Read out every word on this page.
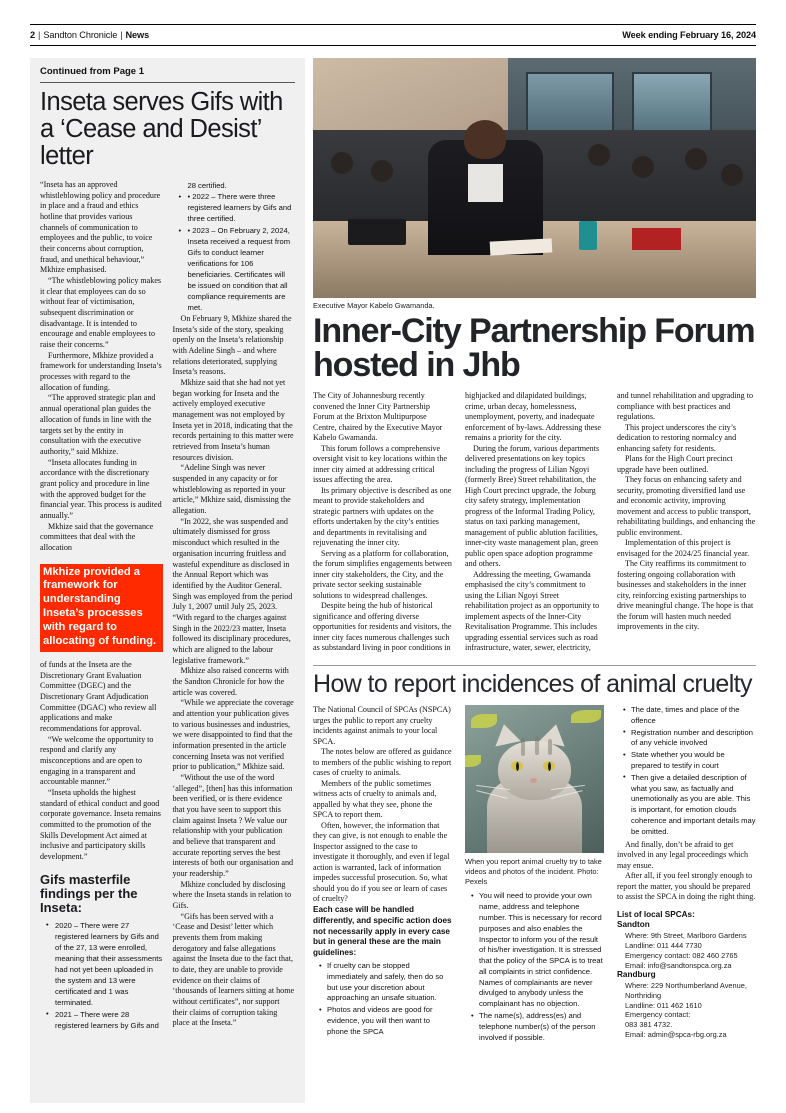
2 | Sandton Chronicle | News	Week ending February 16, 2024
Continued from Page 1
Inseta serves Gifs with a ‘Cease and Desist’ letter

“Inseta has an approved whistleblowing policy and procedure in place and a fraud and ethics hotline that provides various channels of communication to employees and the public, to voice their concerns about corruption, fraud, and unethical behaviour,” Mkhize emphasised.

“The whistleblowing policy makes it clear that employees can do so without fear of victimisation, subsequent discrimination or disadvantage. It is intended to encourage and enable employees to raise their concerns.”

Furthermore, Mkhize provided a framework for understanding Inseta’s processes with regard to the allocation of funding.

“The approved strategic plan and annual operational plan guides the allocation of funds in line with the targets set by the entity in consultation with the executive authority,” said Mkhize.

“Inseta allocates funding in accordance with the discretionary grant policy and procedure in line with the approved budget for the financial year. This process is audited annually.”

Mkhize said that the governance committees that deal with the allocation

Mkhize provided a framework for understanding Inseta’s processes with regard to allocating of funding.

of funds at the Inseta are the Discretionary Grant Evaluation Committee (DGEC) and the Discretionary Grant Adjudication Committee (DGAC) who review all applications and make recommendations for approval.

“We welcome the opportunity to respond and clarify any misconceptions and are open to engaging in a transparent and accountable manner.”

“Inseta upholds the highest standard of ethical conduct and good corporate governance. Inseta remains committed to the promotion of the Skills Development Act aimed at inclusive and participatory skills development.”

Gifs masterfile findings per the Inseta:
• 2020 – There were 27 registered learners by Gifs and of the 27, 13 were enrolled, meaning that their assessments had not yet been uploaded in the system and 13 were certificated and 1 was terminated.
• 2021 – There were 28 registered learners by Gifs and 28 certified.
• • 2022 – There were three registered learners by Gifs and three certified.
• • 2023 – On February 2, 2024, Inseta received a request from Gifs to conduct learner verifications for 106 beneficiaries. Certificates will be issued on condition that all compliance requirements are met.

On February 9, Mkhize shared the Inseta’s side of the story, speaking openly on the Inseta’s relationship with Adeline Singh – and where relations deteriorated, supplying Inseta’s reasons.

Mkhize said that she had not yet began working for Inseta and the actively employed executive management was not employed by Inseta yet in 2018, indicating that the records pertaining to this matter were retrieved from Inseta’s human resources division.

“Adeline Singh was never suspended in any capacity or for whistleblowing as reported in your article,” Mkhize said, dismissing the allegation.

“In 2022, she was suspended and ultimately dismissed for gross misconduct which resulted in the organisation incurring fruitless and wasteful expenditure as disclosed in the Annual Report which was identified by the Auditor General. Singh was employed from the period July 1, 2007 until July 25, 2023. “With regard to the charges against Singh in the 2022/23 matter, Inseta followed its disciplinary procedures, which are aligned to the labour legislative framework.”

Mkhize also raised concerns with the Sandton Chronicle for how the article was covered.

“While we appreciate the coverage and attention your publication gives to various businesses and industries, we were disappointed to find that the information presented in the article concerning Inseta was not verified prior to publication,” Mkhize said.

“Without the use of the word ‘alleged”, [then] has this information been verified, or is there evidence that you have seen to support this claim against Inseta ? We value our relationship with your publication and believe that transparent and accurate reporting serves the best interests of both our organisation and your readership.”

Mkhize concluded by disclosing where the Inseta stands in relation to Gifs.

“Gifs has been served with a ‘Cease and Desist’ letter which prevents them from making derogatory and false allegations against the Inseta due to the fact that, to date, they are unable to provide evidence on their claims of ‘thousands of learners sitting at home without certificates”, nor support their claims of corruption taking place at the Inseta.”

Executive Mayor Kabelo Gwamanda.
Inner-City Partnership Forum hosted in Jhb

The City of Johannesburg recently convened the Inner City Partnership Forum at the Brixton Multipurpose Centre, chaired by the Executive Mayor Kabelo Gwamanda.

This forum follows a comprehensive oversight visit to key locations within the inner city aimed at addressing critical issues affecting the area.

Its primary objective is described as one meant to provide stakeholders and strategic partners with updates on the efforts undertaken by the city’s entities and departments in revitalising and rejuvenating the inner city.

Serving as a platform for collaboration, the forum simplifies engagements between inner city stakeholders, the City, and the private sector seeking sustainable solutions to widespread challenges.

Despite being the hub of historical significance and offering diverse opportunities for residents and visitors, the inner city faces numerous challenges such as substandard living in poor conditions in highjacked and dilapidated buildings, crime, urban decay, homelessness, unemployment, poverty, and inadequate enforcement of by-laws. Addressing these remains a priority for the city.

During the forum, various departments delivered presentations on key topics including the progress of Lilian Ngoyi (formerly Bree) Street rehabilitation, the High Court precinct upgrade, the Joburg city safety strategy, implementation progress of the Informal Trading Policy, status on taxi parking management, management of public ablution facilities, inner-city waste management plan, green public open space adoption programme and others.

Addressing the meeting, Gwamanda emphasised the city’s commitment to using the Lilian Ngoyi Street rehabilitation project as an opportunity to implement aspects of the Inner-City Revitalisation Programme. This includes upgrading essential services such as road infrastructure, water, sewer, electricity, and tunnel rehabilitation and upgrading to compliance with best practices and regulations.

This project underscores the city’s dedication to restoring normalcy and enhancing safety for residents.

Plans for the High Court precinct upgrade have been outlined.

They focus on enhancing safety and security, promoting diversified land use and economic activity, improving movement and access to public transport, rehabilitating buildings, and enhancing the public environment.

Implementation of this project is envisaged for the 2024/25 financial year.

The City reaffirms its commitment to fostering ongoing collaboration with businesses and stakeholders in the inner city, reinforcing existing partnerships to drive meaningful change. The hope is that the forum will hasten much needed improvements in the city.

How to report incidences of animal cruelty

The National Council of SPCAs (NSPCA) urges the public to report any cruelty incidents against animals to your local SPCA.

The notes below are offered as guidance to members of the public wishing to report cases of cruelty to animals.

Members of the public sometimes witness acts of cruelty to animals and, appalled by what they see, phone the SPCA to report them.

Often, however, the information that they can give, is not enough to enable the Inspector assigned to the case to investigate it thoroughly, and even if legal action is warranted, lack of information impedes successful prosecution. So, what should you do if you see or learn of cases of cruelty?

Each case will be handled differently, and specific action does not necessarily apply in every case but in general these are the main guidelines:
• If cruelty can be stopped immediately and safely, then do so but use your discretion about approaching an unsafe situation.
• Photos and videos are good for evidence, you will then want to phone the SPCA
When you report animal cruelty try to take videos and photos of the incident. Photo: Pexels
• You will need to provide your own name, address and telephone number. This is necessary for record purposes and also enables the Inspector to inform you of the result of his/her investigation. It is stressed that the policy of the SPCA is to treat all complaints in strict confidence. Names of complainants are never divulged to anybody unless the complainant has no objection.
• The name(s), address(es) and telephone number(s) of the person involved if possible.
• The date, times and place of the offence
• Registration number and description of any vehicle involved
• State whether you would be prepared to testify in court
• Then give a detailed description of what you saw, as factually and unemotionally as you are able. This is important, for emotion clouds coherence and important details may be omitted.

And finally, don’t be afraid to get involved in any legal proceedings which may ensue.

After all, if you feel strongly enough to report the matter, you should be prepared to assist the SPCA in doing the right thing.

List of local SPCAs:
Sandton
Where: 9th Street, Marlboro Gardens
Landline: 011 444 7730
Emergency contact: 082 460 2765
Email: info@sandtonspca.org.za
Randburg
Where: 229 Northumberland Avenue, Northriding
Landline: 011 462 1610
Emergency contact:
083 381 4732.
Email: admin@spca-rbg.org.za
